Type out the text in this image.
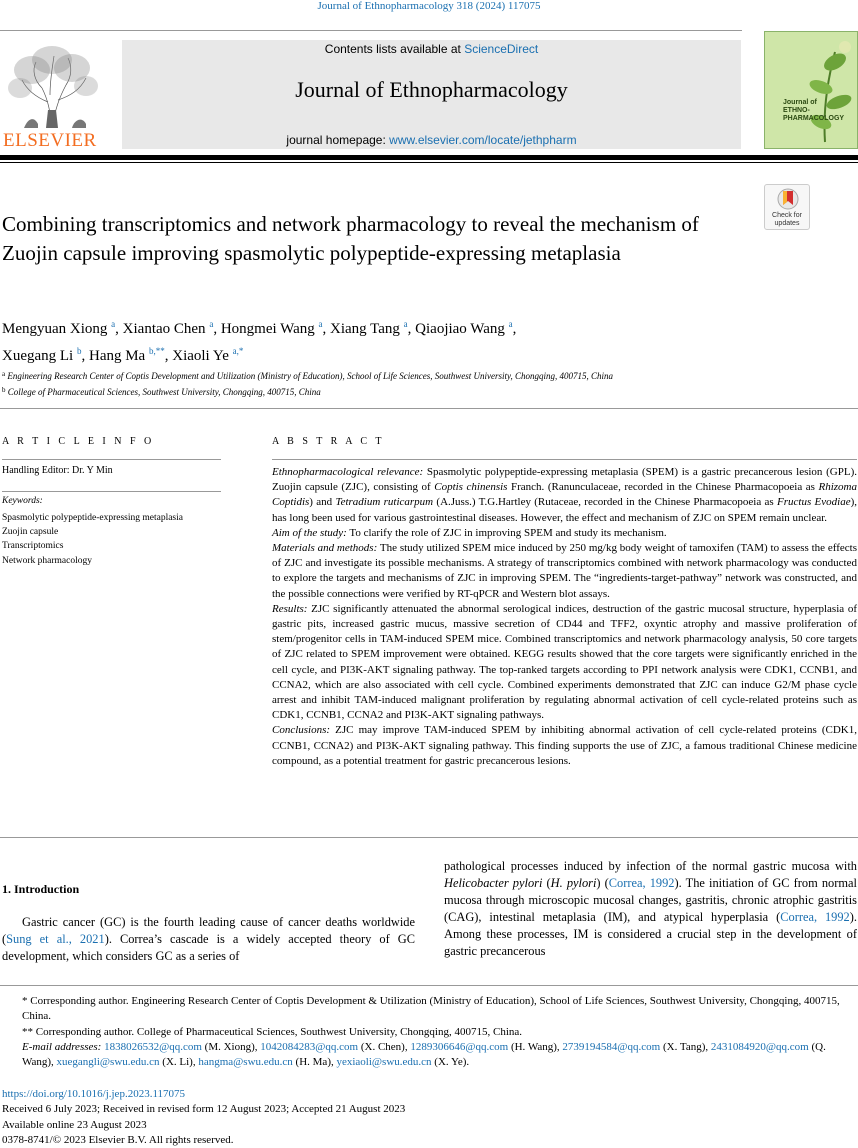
Journal of Ethnopharmacology 318 (2024) 117075
ELSEVIER
Contents lists available at ScienceDirect
Journal of Ethnopharmacology
journal homepage: www.elsevier.com/locate/jethpharm
Journal of
ETHNO-
PHARMACOLOGY
Check for updates
Combining transcriptomics and network pharmacology to reveal the mechanism of Zuojin capsule improving spasmolytic polypeptide-expressing metaplasia
Mengyuan Xiong $^a$, Xiantao Chen $^a$, Hongmei Wang $^a$, Xiang Tang $^a$, Qiaojiao Wang $^a$,
Xuegang Li $^b$, Hang Ma $^{b,**}$, Xiaoli Ye $^{a,*}$
$^a$ Engineering Research Center of Coptis Development and Utilization (Ministry of Education), School of Life Sciences, Southwest University, Chongqing, 400715, China
$^b$ College of Pharmaceutical Sciences, Southwest University, Chongqing, 400715, China
A R T I C L E I N F O
Handling Editor: Dr. Y Min
Keywords:
Spasmolytic polypeptide-expressing metaplasia
Zuojin capsule
Transcriptomics
Network pharmacology
A B S T R A C T

Ethnopharmacological relevance: Spasmolytic polypeptide-expressing metaplasia (SPEM) is a gastric precancerous lesion (GPL). Zuojin capsule (ZJC), consisting of Coptis chinensis Franch. (Ranunculaceae, recorded in the Chinese Pharmacopoeia as Rhizoma Coptidis) and Tetradium ruticarpum (A.Juss.) T.G.Hartley (Rutaceae, recorded in the Chinese Pharmacopoeia as Fructus Evodiae), has long been used for various gastrointestinal diseases. However, the effect and mechanism of ZJC on SPEM remain unclear.

Aim of the study: To clarify the role of ZJC in improving SPEM and study its mechanism.

Materials and methods: The study utilized SPEM mice induced by 250 mg/kg body weight of tamoxifen (TAM) to assess the effects of ZJC and investigate its possible mechanisms. A strategy of transcriptomics combined with network pharmacology was conducted to explore the targets and mechanisms of ZJC in improving SPEM. The “ingredients-target-pathway” network was constructed, and the possible connections were verified by RT-qPCR and Western blot assays.

Results: ZJC significantly attenuated the abnormal serological indices, destruction of the gastric mucosal structure, hyperplasia of gastric pits, increased gastric mucus, massive secretion of CD44 and TFF2, oxyntic atrophy and massive proliferation of stem/progenitor cells in TAM-induced SPEM mice. Combined transcriptomics and network pharmacology analysis, 50 core targets of ZJC related to SPEM improvement were obtained. KEGG results showed that the core targets were significantly enriched in the cell cycle, and PI3K-AKT signaling pathway. The top-ranked targets according to PPI network analysis were CDK1, CCNB1, and CCNA2, which are also associated with cell cycle. Combined experiments demonstrated that ZJC can induce G2/M phase cycle arrest and inhibit TAM-induced malignant proliferation by regulating abnormal activation of cell cycle-related proteins such as CDK1, CCNB1, CCNA2 and PI3K-AKT signaling pathways.

Conclusions: ZJC may improve TAM-induced SPEM by inhibiting abnormal activation of cell cycle-related proteins (CDK1, CCNB1, CCNA2) and PI3K-AKT signaling pathway. This finding supports the use of ZJC, a famous traditional Chinese medicine compound, as a potential treatment for gastric precancerous lesions.

1. Introduction
Gastric cancer (GC) is the fourth leading cause of cancer deaths worldwide (Sung et al., 2021). Correa’s cascade is a widely accepted theory of GC development, which considers GC as a series of
pathological processes induced by infection of the normal gastric mucosa with Helicobacter pylori (H. pylori) (Correa, 1992). The initiation of GC from normal mucosa through microscopic mucosal changes, gastritis, chronic atrophic gastritis (CAG), intestinal metaplasia (IM), and atypical hyperplasia (Correa, 1992). Among these processes, IM is considered a crucial step in the development of gastric precancerous

* Corresponding author. Engineering Research Center of Coptis Development & Utilization (Ministry of Education), School of Life Sciences, Southwest University, Chongqing, 400715, China.

** Corresponding author. College of Pharmaceutical Sciences, Southwest University, Chongqing, 400715, China.

E-mail addresses: 1838026532@qq.com (M. Xiong), 1042084283@qq.com (X. Chen), 1289306646@qq.com (H. Wang), 2739194584@qq.com (X. Tang), 2431084920@qq.com (Q. Wang), xuegangli@swu.edu.cn (X. Li), hangma@swu.edu.cn (H. Ma), yexiaoli@swu.edu.cn (X. Ye).

https://doi.org/10.1016/j.jep.2023.117075
Received 6 July 2023; Received in revised form 12 August 2023; Accepted 21 August 2023
Available online 23 August 2023
0378-8741/© 2023 Elsevier B.V. All rights reserved.
